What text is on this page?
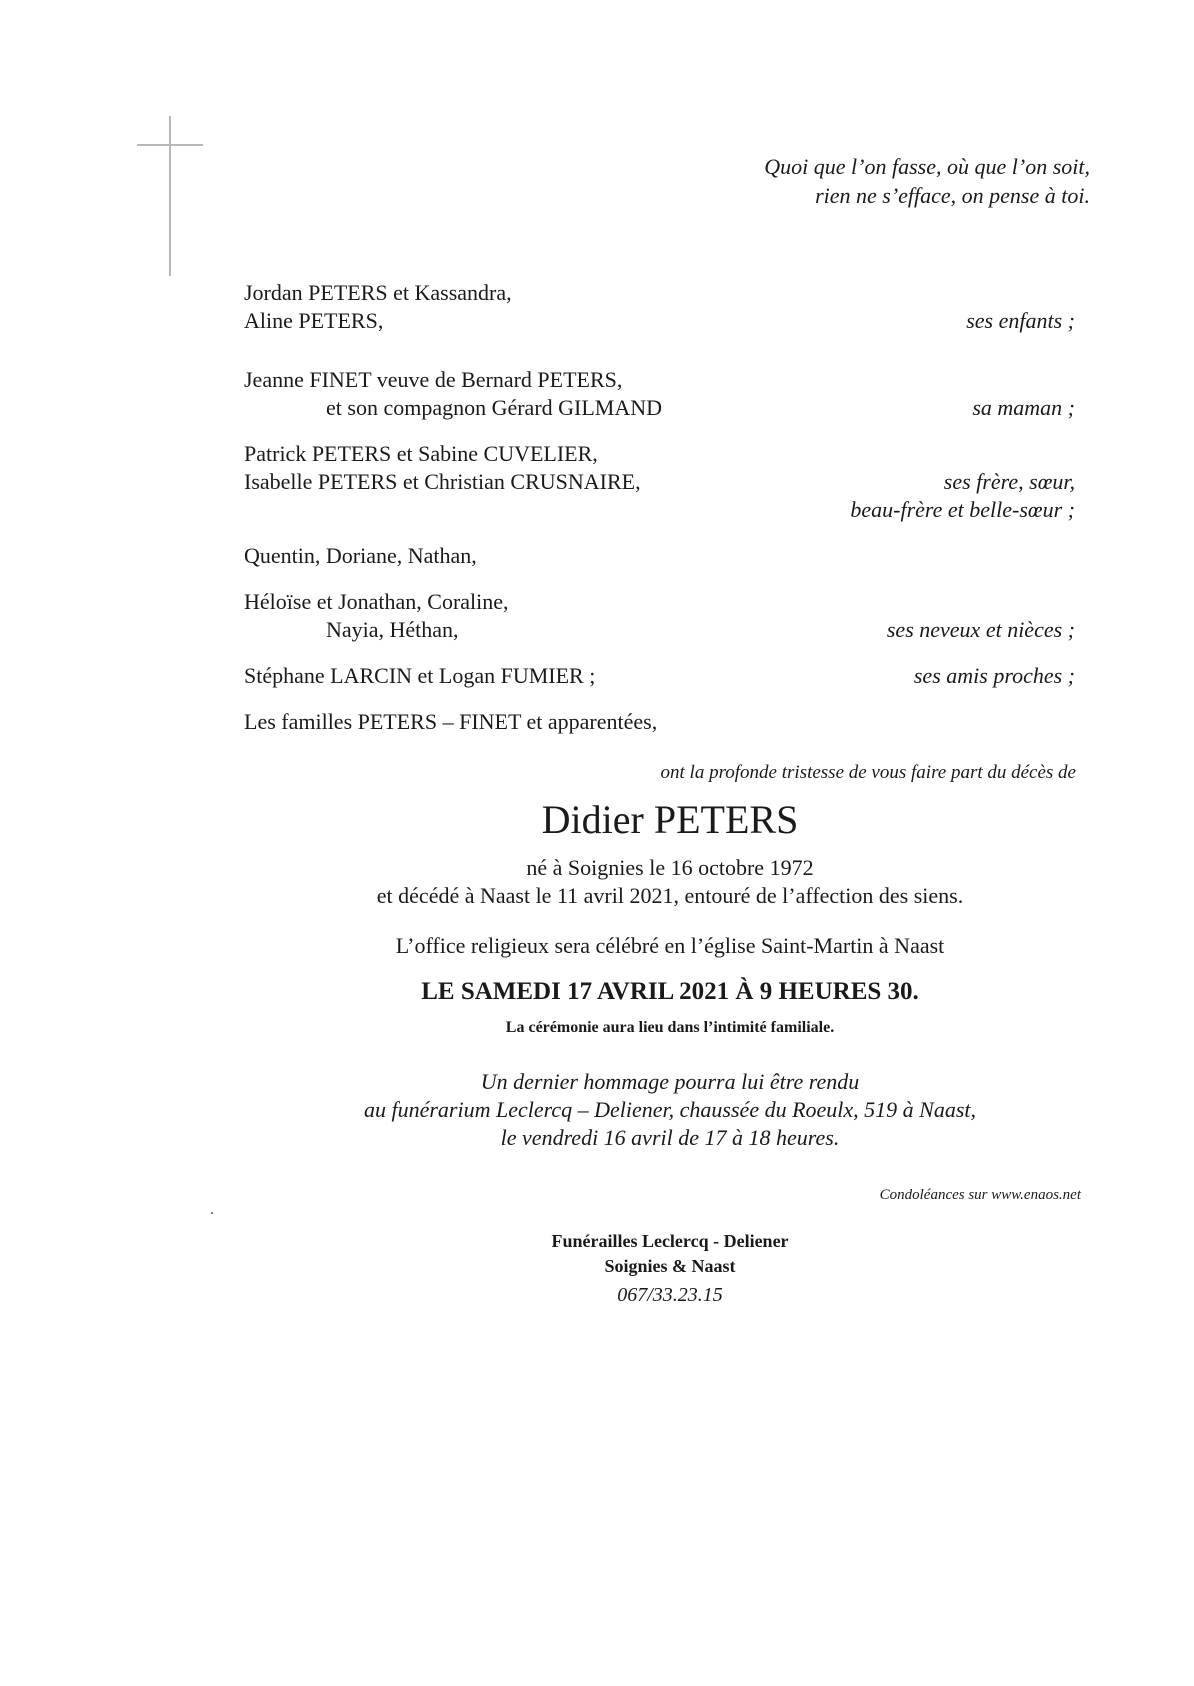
Quoi que l’on fasse, où que l’on soit,
rien ne s’efface, on pense à toi.
Jordan PETERS et Kassandra,
Aline PETERS,	ses enfants ;
Jeanne FINET veuve de Bernard PETERS,
et son compagnon Gérard GILMAND	sa maman ;
Patrick PETERS et Sabine CUVELIER,
Isabelle PETERS et Christian CRUSNAIRE,	ses frère, sœur,
beau-frère et belle-sœur ;
Quentin, Doriane, Nathan,
Héloïse et Jonathan, Coraline,
Nayia, Héthan,	ses neveux et nièces ;
Stéphane LARCIN et Logan FUMIER ;	ses amis proches ;
Les familles PETERS – FINET et apparentées,
ont la profonde tristesse de vous faire part du décès de
Didier PETERS
né à Soignies le 16 octobre 1972
et décédé à Naast le 11 avril 2021, entouré de l’affection des siens.
L’office religieux sera célébré en l’église Saint-Martin à Naast
LE SAMEDI 17 AVRIL 2021 À 9 HEURES 30.
La cérémonie aura lieu dans l’intimité familiale.
Un dernier hommage pourra lui être rendu
au funérarium Leclercq – Deliener, chaussée du Roeulx, 519 à Naast,
le vendredi 16 avril de 17 à 18 heures.
Condoléances sur www.enaos.net
Funérailles Leclercq - Deliener
Soignies & Naast
067/33.23.15
